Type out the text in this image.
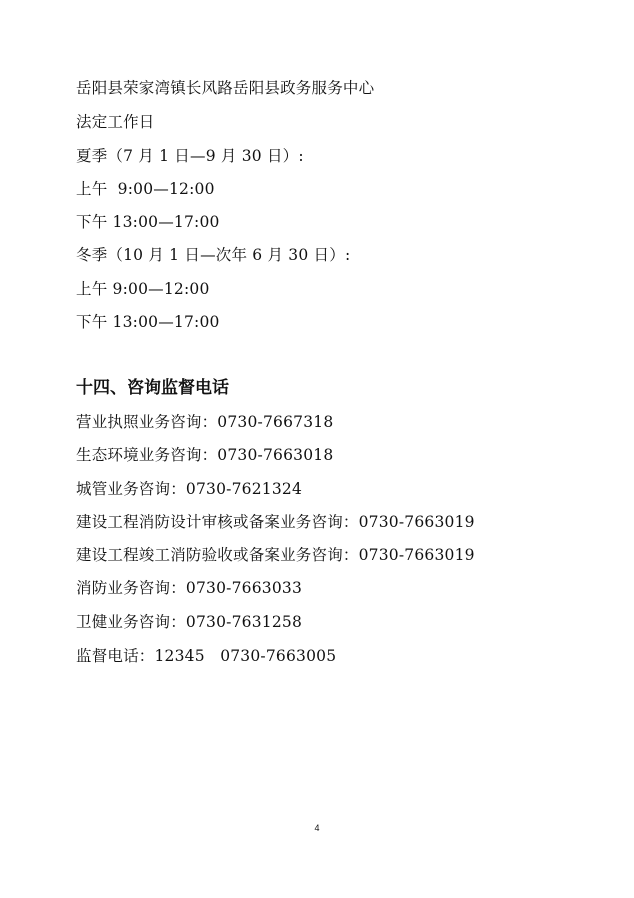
岳阳县荣家湾镇长风路岳阳县政务服务中心
法定工作日
夏季（7 月 1 日—9 月 30 日）:
上午  9:00—12:00
下午 13:00—17:00
冬季（10 月 1 日—次年 6 月 30 日）:
上午 9:00—12:00
下午 13:00—17:00
十四、咨询监督电话
营业执照业务咨询：0730-7667318
生态环境业务咨询：0730-7663018
城管业务咨询：0730-7621324
建设工程消防设计审核或备案业务咨询：0730-7663019
建设工程竣工消防验收或备案业务咨询：0730-7663019
消防业务咨询：0730-7663033
卫健业务咨询：0730-7631258
监督电话：12345   0730-7663005
4
